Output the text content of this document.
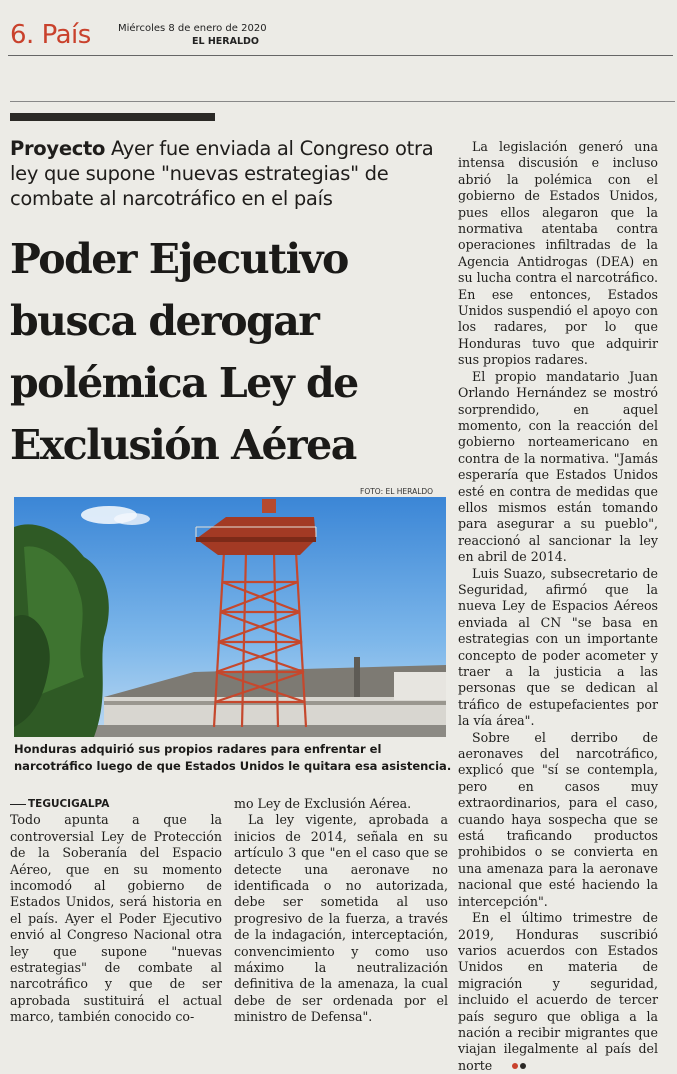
6. País	Miércoles 8 de enero de 2020
EL HERALDO
Proyecto Ayer fue enviada al Congreso otra ley que supone "nuevas estrategias" de combate al narcotráfico en el país
Poder Ejecutivo busca derogar polémica Ley de Exclusión Aérea
FOTO: EL HERALDO
Honduras adquirió sus propios radares para enfrentar el narcotráfico luego de que Estados Unidos le quitara esa asistencia.

TEGUCIGALPA
Todo apunta a que la controversial Ley de Protección de la Soberanía del Espacio Aéreo, que en su momento incomodó al gobierno de Estados Unidos, será historia en el país. Ayer el Poder Ejecutivo envió al Congreso Nacional otra ley que supone "nuevas estrategias" de combate al narcotráfico y que de ser aprobada sustituirá el actual marco, también conocido co-

mo Ley de Exclusión Aérea.

La ley vigente, aprobada a inicios de 2014, señala en su artículo 3 que "en el caso que se detecte una aeronave no identificada o no autorizada, debe ser sometida al uso progresivo de la fuerza, a través de la indagación, interceptación, convencimiento y como uso máximo la neutralización definitiva de la amenaza, la cual debe de ser ordenada por el ministro de Defensa".

La legislación generó una intensa discusión e incluso abrió la polémica con el gobierno de Estados Unidos, pues ellos alegaron que la normativa atentaba contra operaciones infiltradas de la Agencia Antidrogas (DEA) en su lucha contra el narcotráfico. En ese entonces, Estados Unidos suspendió el apoyo con los radares, por lo que Honduras tuvo que adquirir sus propios radares.

El propio mandatario Juan Orlando Hernández se mostró sorprendido, en aquel momento, con la reacción del gobierno norteamericano en contra de la normativa. "Jamás esperaría que Estados Unidos esté en contra de medidas que ellos mismos están tomando para asegurar a su pueblo", reaccionó al sancionar la ley en abril de 2014.

Luis Suazo, subsecretario de Seguridad, afirmó que la nueva Ley de Espacios Aéreos enviada al CN "se basa en estrategias con un importante concepto de poder acometer y traer a la justicia a las personas que se dedican al tráfico de estupefacientes por la vía área".

Sobre el derribo de aeronaves del narcotráfico, explicó que "sí se contempla, pero en casos muy extraordinarios, para el caso, cuando haya sospecha que se está traficando productos prohibidos o se convierta en una amenaza para la aeronave nacional que esté haciendo la intercepción".

En el último trimestre de 2019, Honduras suscribió varios acuerdos con Estados Unidos en materia de migración y seguridad, incluido el acuerdo de tercer país seguro que obliga a la nación a recibir migrantes que viajan ilegalmente al país del norte
